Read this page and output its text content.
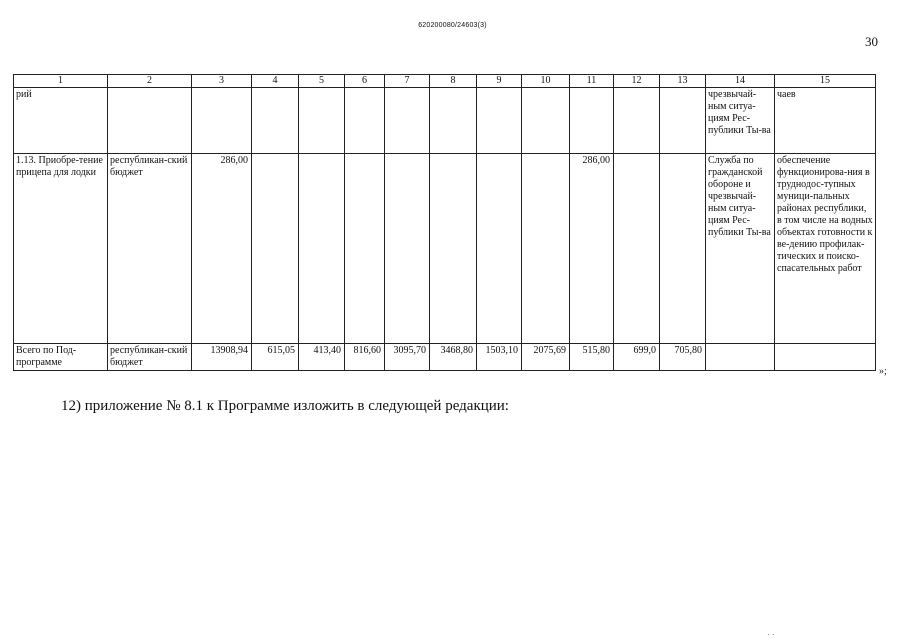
620200080/24603(3)
30
1	2	3	4	5	6	7	8	9	10	11	12	13	14	15
рий													чрезвычай-ным ситуа-циям Рес-публики Ты-ва	чаев
1.13. Приобре-тение прицепа для лодки	республикан-ский бюджет	286,00								286,00			Служба по гражданской обороне и чрезвычай-ным ситуа-циям Рес-публики Ты-ва	обеспечение функционирова-ния в труднодос-тупных муници-пальных районах республики, в том числе на водных объектах готовности к ве-дению профилак-тических и поиско-спасательных работ
Всего по Под-программе	республикан-ский бюджет	13908,94	615,05	413,40	816,60	3095,70	3468,80	1503,10	2075,69	515,80	699,0	705,80		
»;
12) приложение № 8.1 к Программе изложить в следующей редакции:
· ·
